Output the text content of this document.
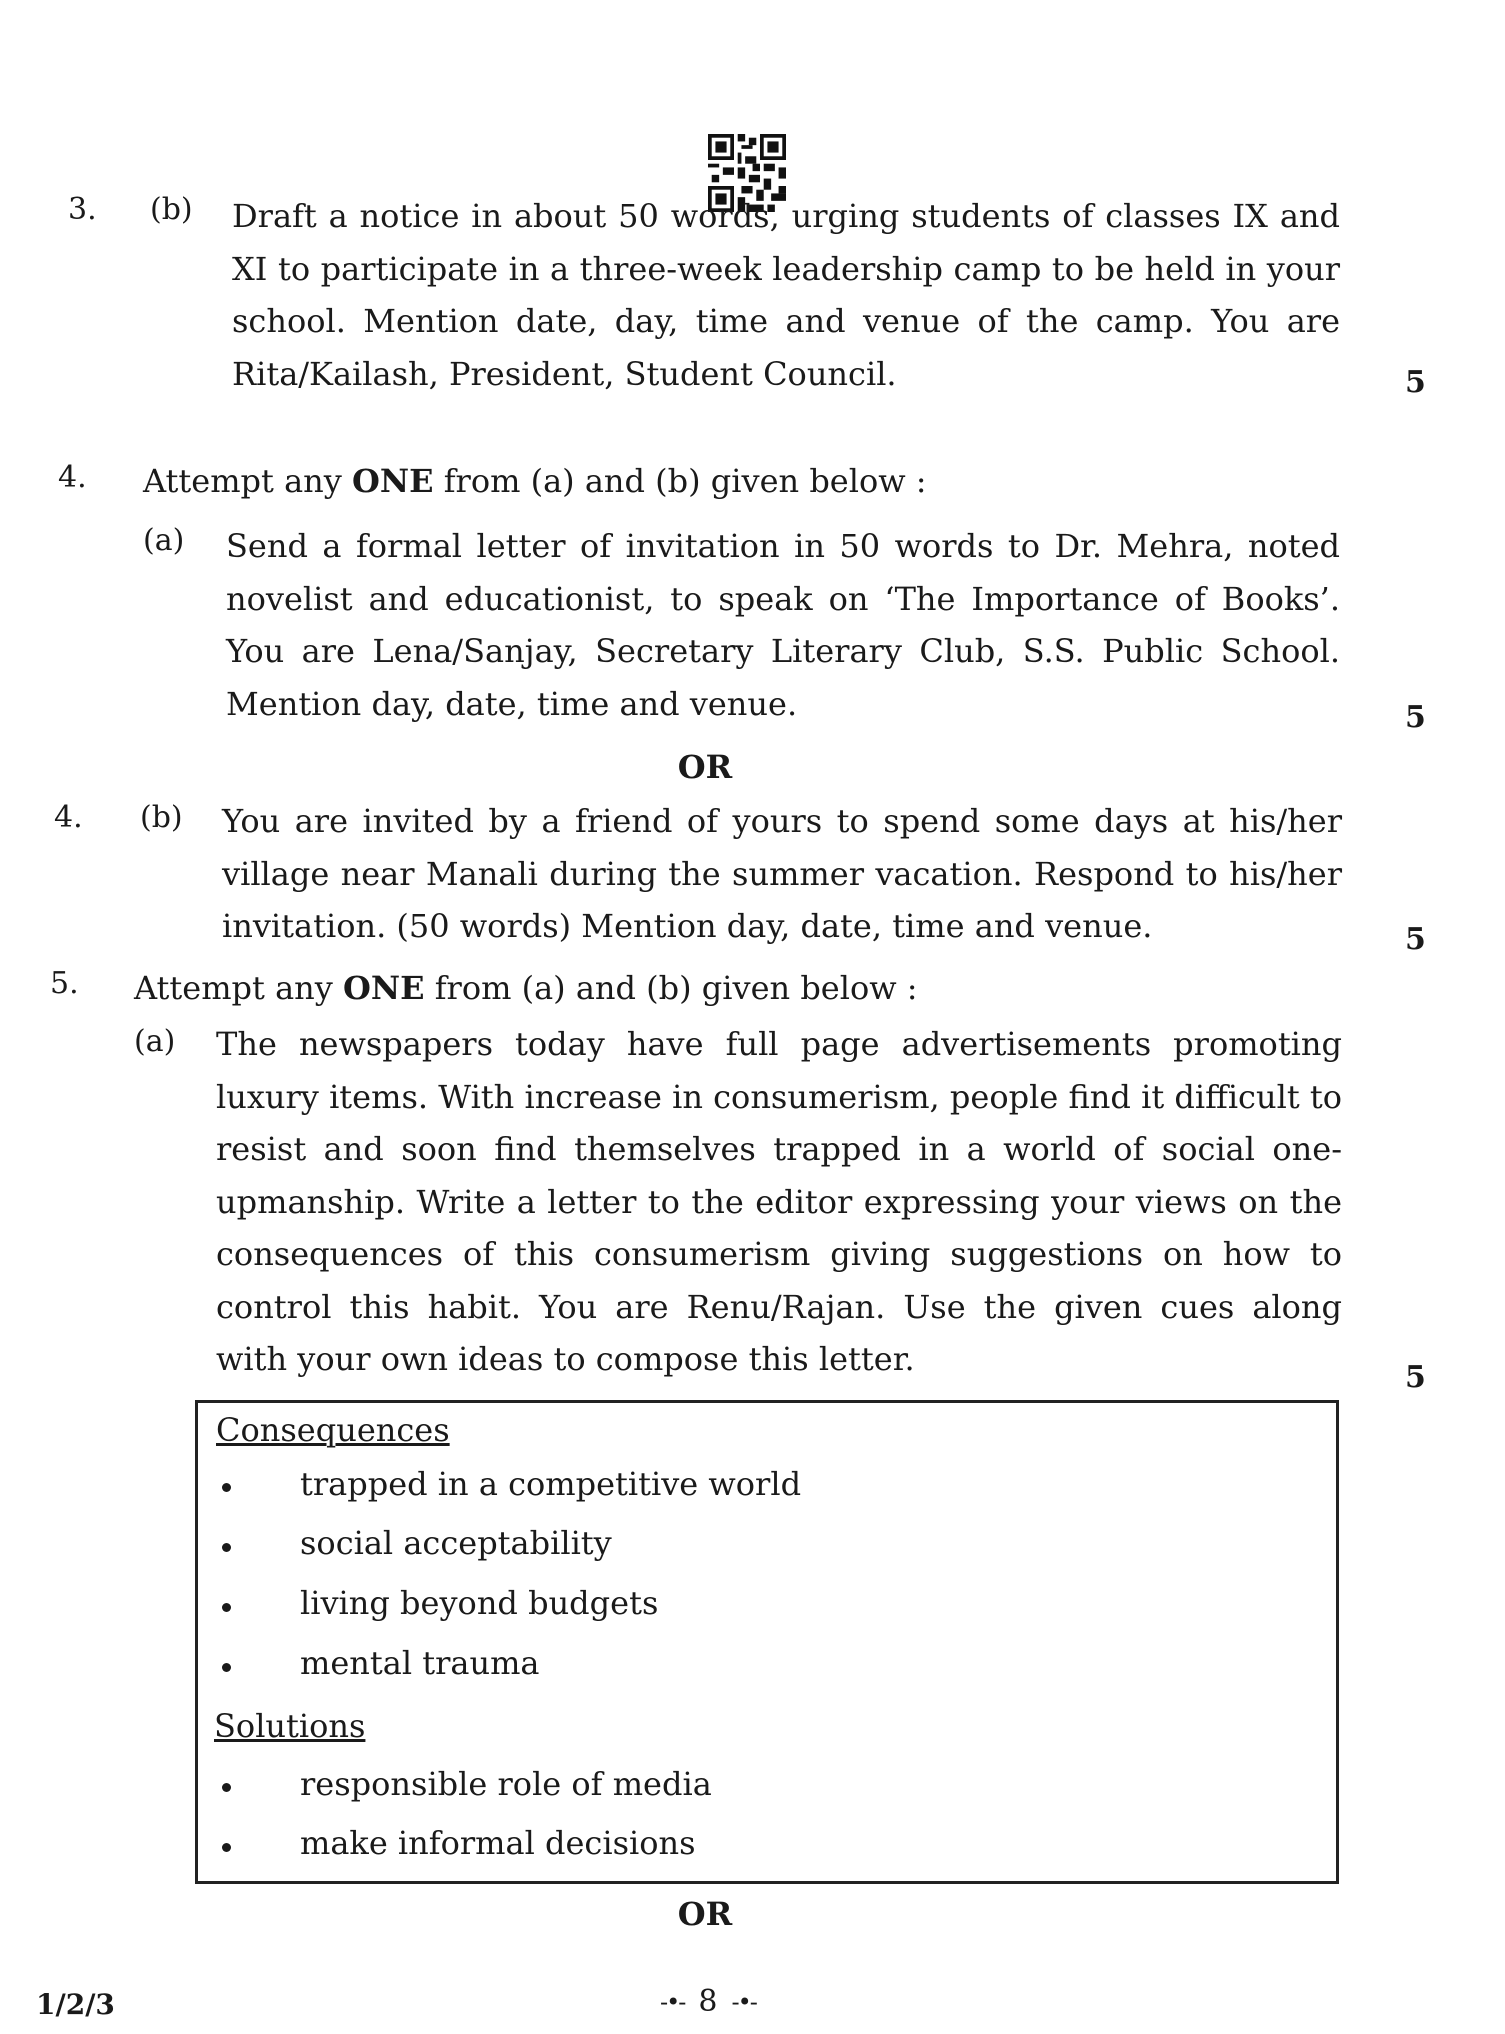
3. (b) Draft a notice in about 50 words, urging students of classes IX and XI to participate in a three-week leadership camp to be held in your school. Mention date, day, time and venue of the camp. You are Rita/Kailash, President, Student Council.	5
4. Attempt any ONE from (a) and (b) given below :
(a) Send a formal letter of invitation in 50 words to Dr. Mehra, noted novelist and educationist, to speak on ‘The Importance of Books’. You are Lena/Sanjay, Secretary Literary Club, S.S. Public School. Mention day, date, time and venue.	5
OR
4. (b) You are invited by a friend of yours to spend some days at his/her village near Manali during the summer vacation. Respond to his/her invitation. (50 words) Mention day, date, time and venue.	5
5. Attempt any ONE from (a) and (b) given below :
(a) The newspapers today have full page advertisements promoting luxury items. With increase in consumerism, people find it difficult to resist and soon find themselves trapped in a world of social one-upmanship. Write a letter to the editor expressing your views on the consequences of this consumerism giving suggestions on how to control this habit. You are Renu/Rajan. Use the given cues along with your own ideas to compose this letter.	5
Consequences
trapped in a competitive world
social acceptability
living beyond budgets
mental trauma
Solutions
responsible role of media
make informal decisions
OR
1/2/3	-•- 8 -•-
